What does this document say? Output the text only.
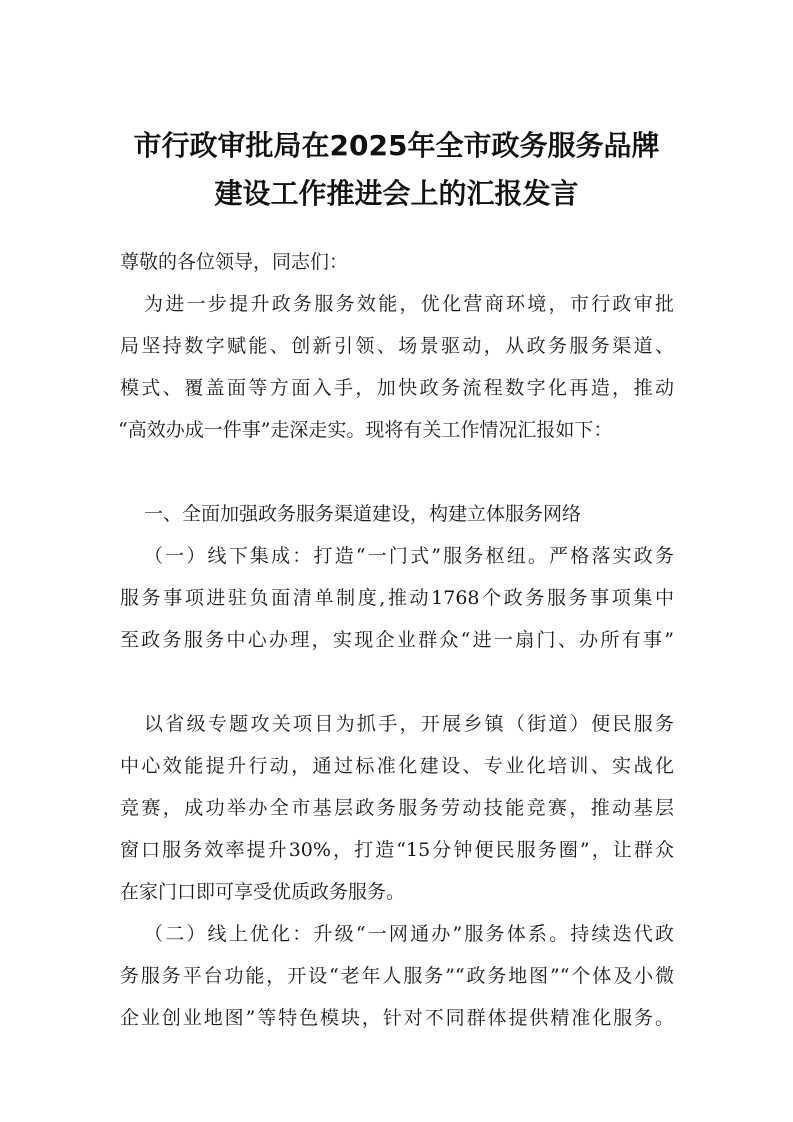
市行政审批局在2025年全市政务服务品牌
建设工作推进会上的汇报发言
尊敬的各位领导，同志们：
为进一步提升政务服务效能，优化营商环境，市行政审批
局坚持数字赋能、创新引领、场景驱动，从政务服务渠道、
模式、覆盖面等方面入手，加快政务流程数字化再造，推动
“高效办成一件事”走深走实。现将有关工作情况汇报如下：
一、全面加强政务服务渠道建设，构建立体服务网络
（一）线下集成：打造“一门式”服务枢纽。严格落实政务
服务事项进驻负面清单制度,推动1768个政务服务事项集中
至政务服务中心办理，实现企业群众“进一扇门、办所有事”
以省级专题攻关项目为抓手，开展乡镇（街道）便民服务
中心效能提升行动，通过标准化建设、专业化培训、实战化
竞赛，成功举办全市基层政务服务劳动技能竞赛，推动基层
窗口服务效率提升30%，打造“15分钟便民服务圈”，让群众
在家门口即可享受优质政务服务。
（二）线上优化：升级“一网通办”服务体系。持续迭代政
务服务平台功能，开设“老年人服务”“政务地图”“个体及小微
企业创业地图”等特色模块，针对不同群体提供精准化服务。
